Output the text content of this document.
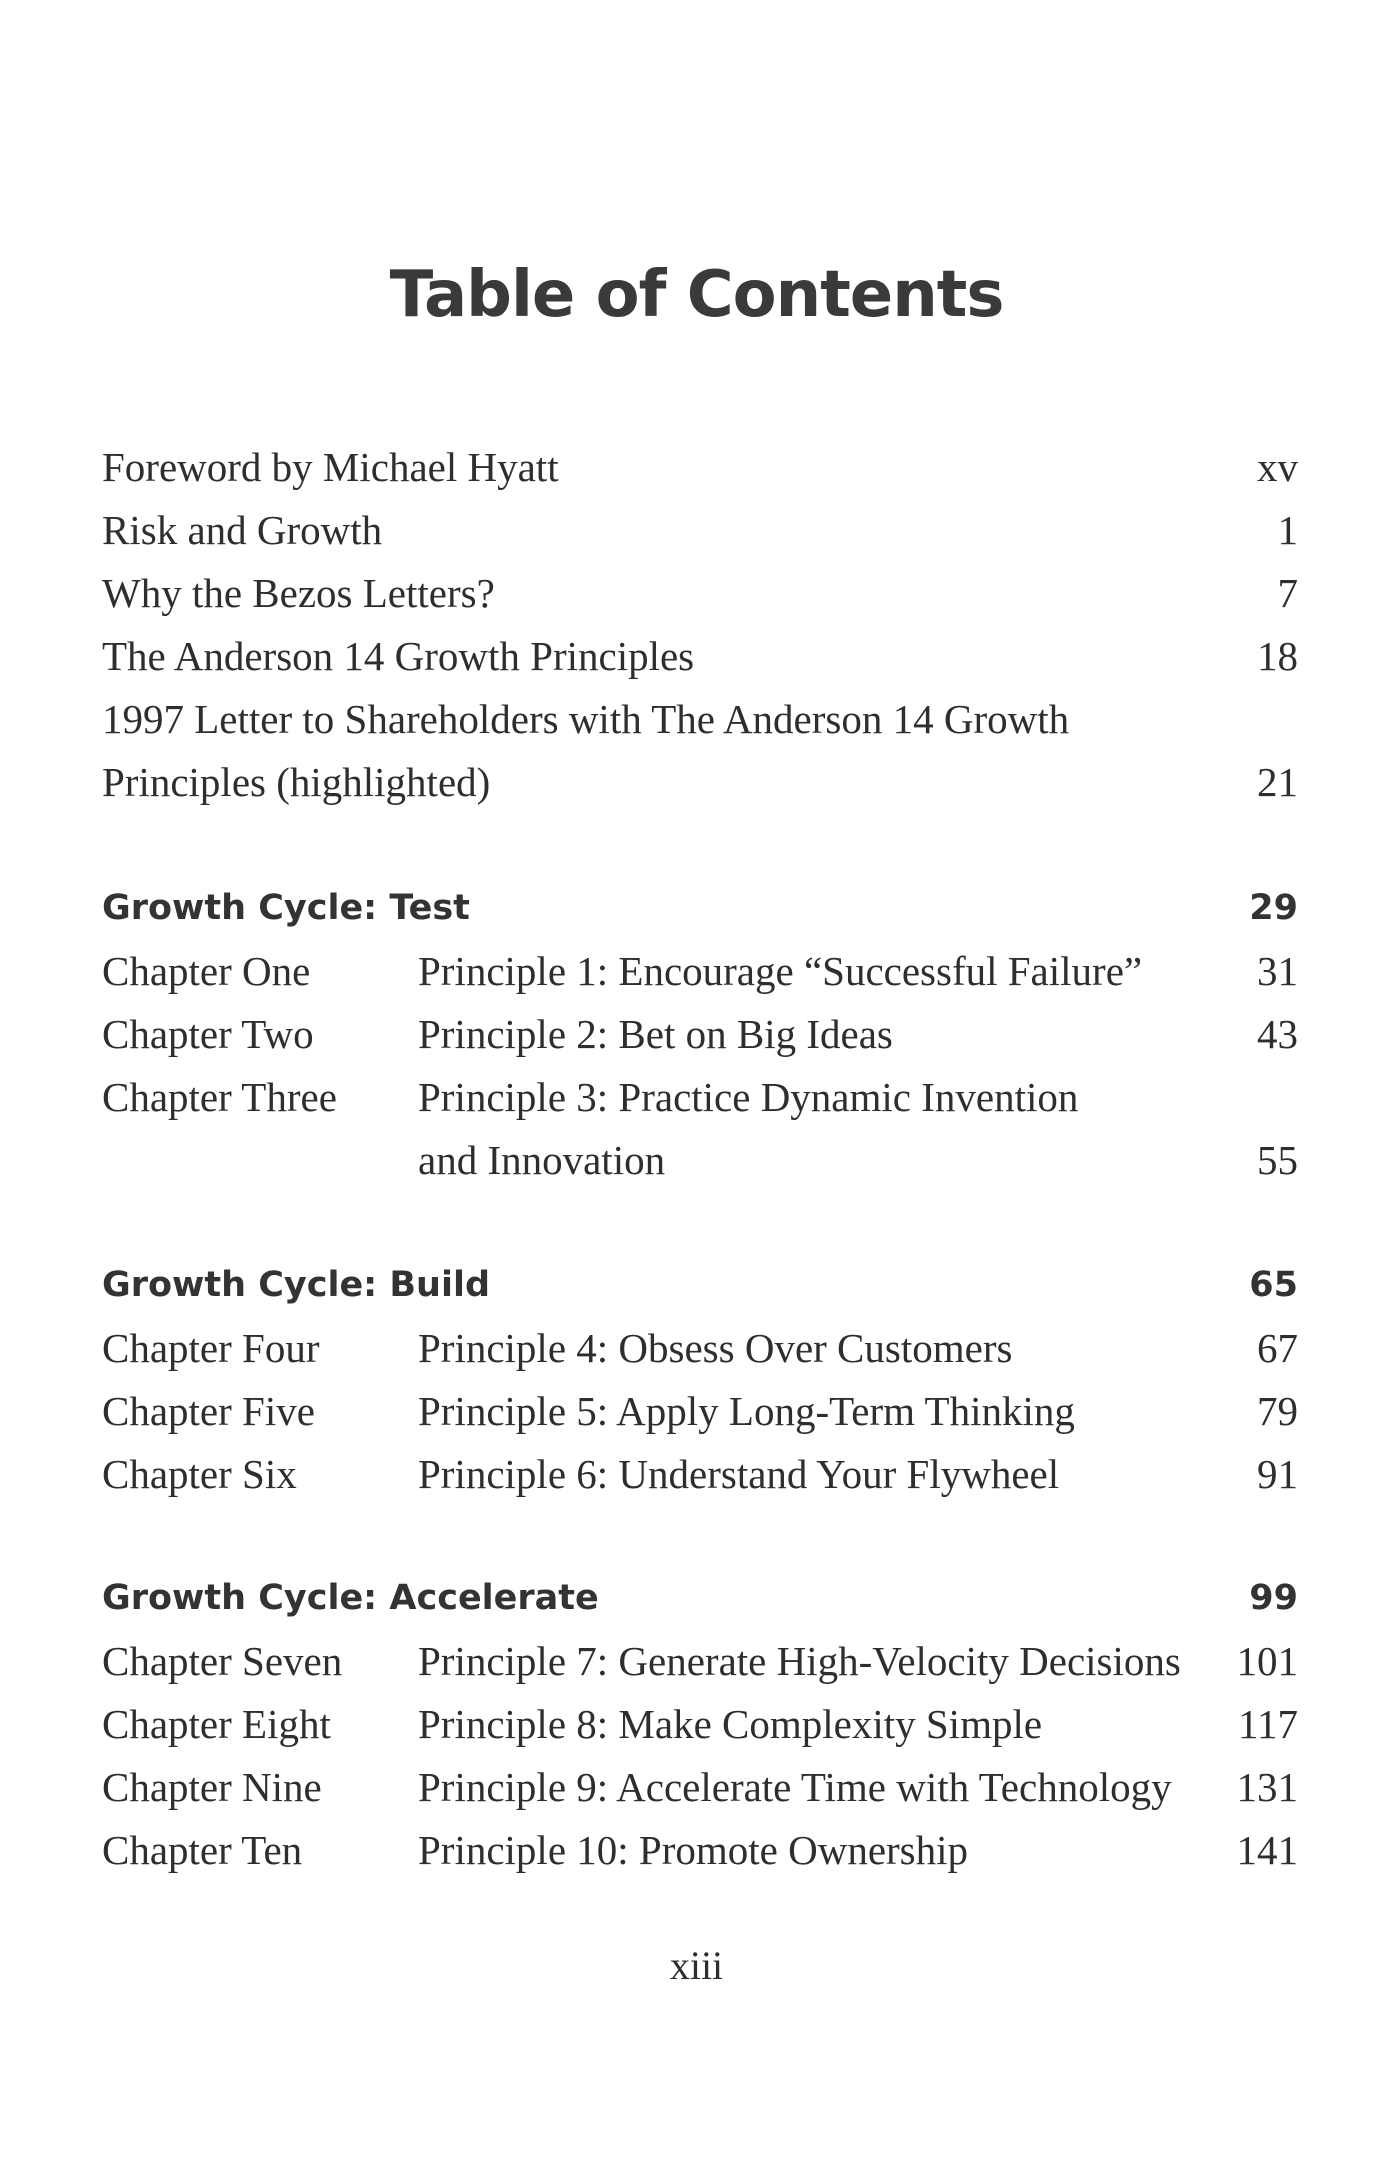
Table of Contents
Foreword by Michael Hyatt	xv
Risk and Growth	1
Why the Bezos Letters?	7
The Anderson 14 Growth Principles	18
1997 Letter to Shareholders with The Anderson 14 Growth
Principles (highlighted)	21
Growth Cycle: Test	29
Chapter One	Principle 1: Encourage “Successful Failure”	31
Chapter Two	Principle 2: Bet on Big Ideas	43
Chapter Three Principle 3: Practice Dynamic Invention
and Innovation	55
Growth Cycle: Build	65
Chapter Four Principle 4: Obsess Over Customers	67
Chapter Five	Principle 5: Apply Long-Term Thinking	79
Chapter Six	Principle 6: Understand Your Flywheel	91
Growth Cycle: Accelerate	99
Chapter Seven Principle 7: Generate High-Velocity Decisions 101
Chapter Eight Principle 8: Make Complexity Simple	117
Chapter Nine Principle 9: Accelerate Time with Technology 131
Chapter Ten	Principle 10: Promote Ownership	141
xiii
